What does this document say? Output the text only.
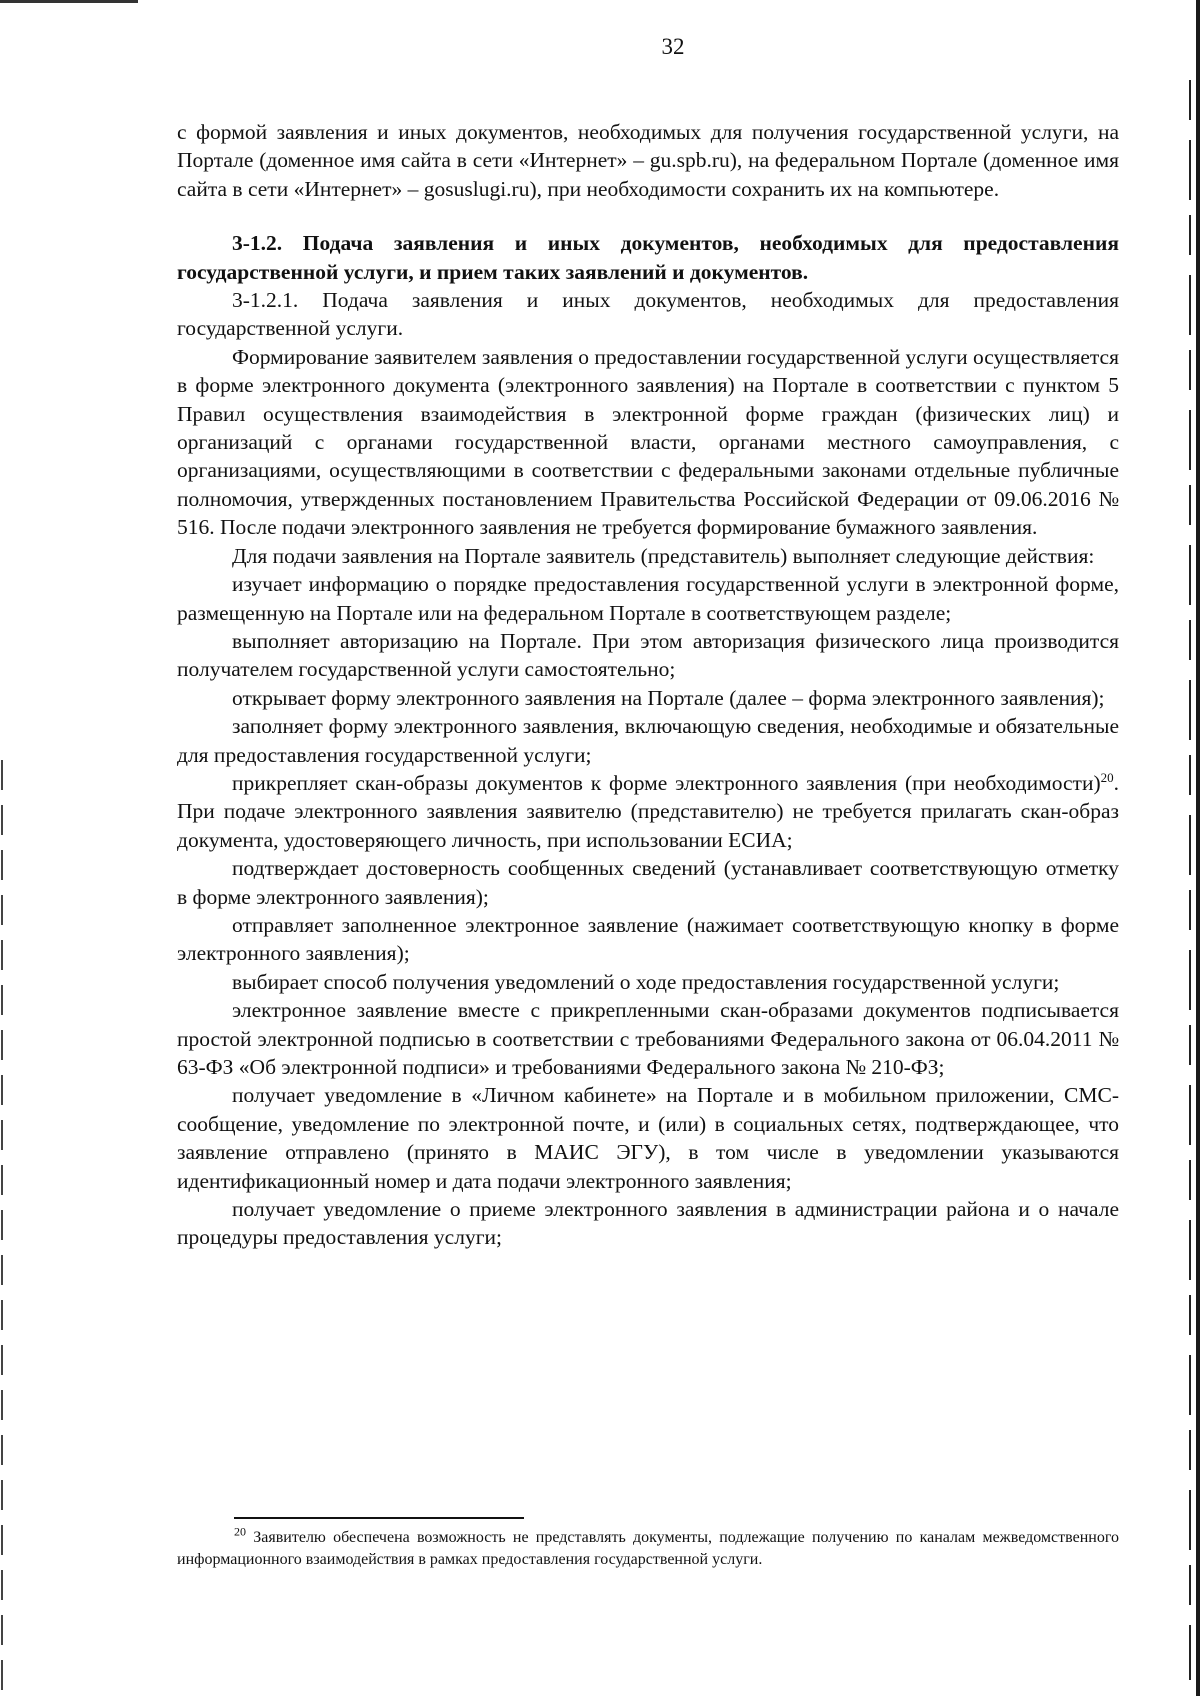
32

с формой заявления и иных документов, необходимых для получения государственной услуги, на Портале (доменное имя сайта в сети «Интернет» – gu.spb.ru), на федеральном Портале (доменное имя сайта в сети «Интернет» – gosuslugi.ru), при необходимости сохранить их на компьютере.

3-1.2. Подача заявления и иных документов, необходимых для предоставления государственной услуги, и прием таких заявлений и документов.

3-1.2.1. Подача заявления и иных документов, необходимых для предоставления государственной услуги.

Формирование заявителем заявления о предоставлении государственной услуги осуществляется в форме электронного документа (электронного заявления) на Портале в соответствии с пунктом 5 Правил осуществления взаимодействия в электронной форме граждан (физических лиц) и организаций с органами государственной власти, органами местного самоуправления, с организациями, осуществляющими в соответствии с федеральными законами отдельные публичные полномочия, утвержденных постановлением Правительства Российской Федерации от 09.06.2016 № 516. После подачи электронного заявления не требуется формирование бумажного заявления.

Для подачи заявления на Портале заявитель (представитель) выполняет следующие действия:

изучает информацию о порядке предоставления государственной услуги в электронной форме, размещенную на Портале или на федеральном Портале в соответствующем разделе;

выполняет авторизацию на Портале. При этом авторизация физического лица производится получателем государственной услуги самостоятельно;

открывает форму электронного заявления на Портале (далее – форма электронного заявления);

заполняет форму электронного заявления, включающую сведения, необходимые и обязательные для предоставления государственной услуги;

прикрепляет скан-образы документов к форме электронного заявления (при необходимости)$^{20}$. При подаче электронного заявления заявителю (представителю) не требуется прилагать скан-образ документа, удостоверяющего личность, при использовании ЕСИА;

подтверждает достоверность сообщенных сведений (устанавливает соответствующую отметку в форме электронного заявления);

отправляет заполненное электронное заявление (нажимает соответствующую кнопку в форме электронного заявления);

выбирает способ получения уведомлений о ходе предоставления государственной услуги;

электронное заявление вместе с прикрепленными скан-образами документов подписывается простой электронной подписью в соответствии с требованиями Федерального закона от 06.04.2011 № 63-ФЗ «Об электронной подписи» и требованиями Федерального закона № 210-ФЗ;

получает уведомление в «Личном кабинете» на Портале и в мобильном приложении, СМС-сообщение, уведомление по электронной почте, и (или) в социальных сетях, подтверждающее, что заявление отправлено (принято в МАИС ЭГУ), в том числе в уведомлении указываются идентификационный номер и дата подачи электронного заявления;

получает уведомление о приеме электронного заявления в администрации района и о начале процедуры предоставления услуги;

$^{20}$ Заявителю обеспечена возможность не представлять документы, подлежащие получению по каналам межведомственного информационного взаимодействия в рамках предоставления государственной услуги.
